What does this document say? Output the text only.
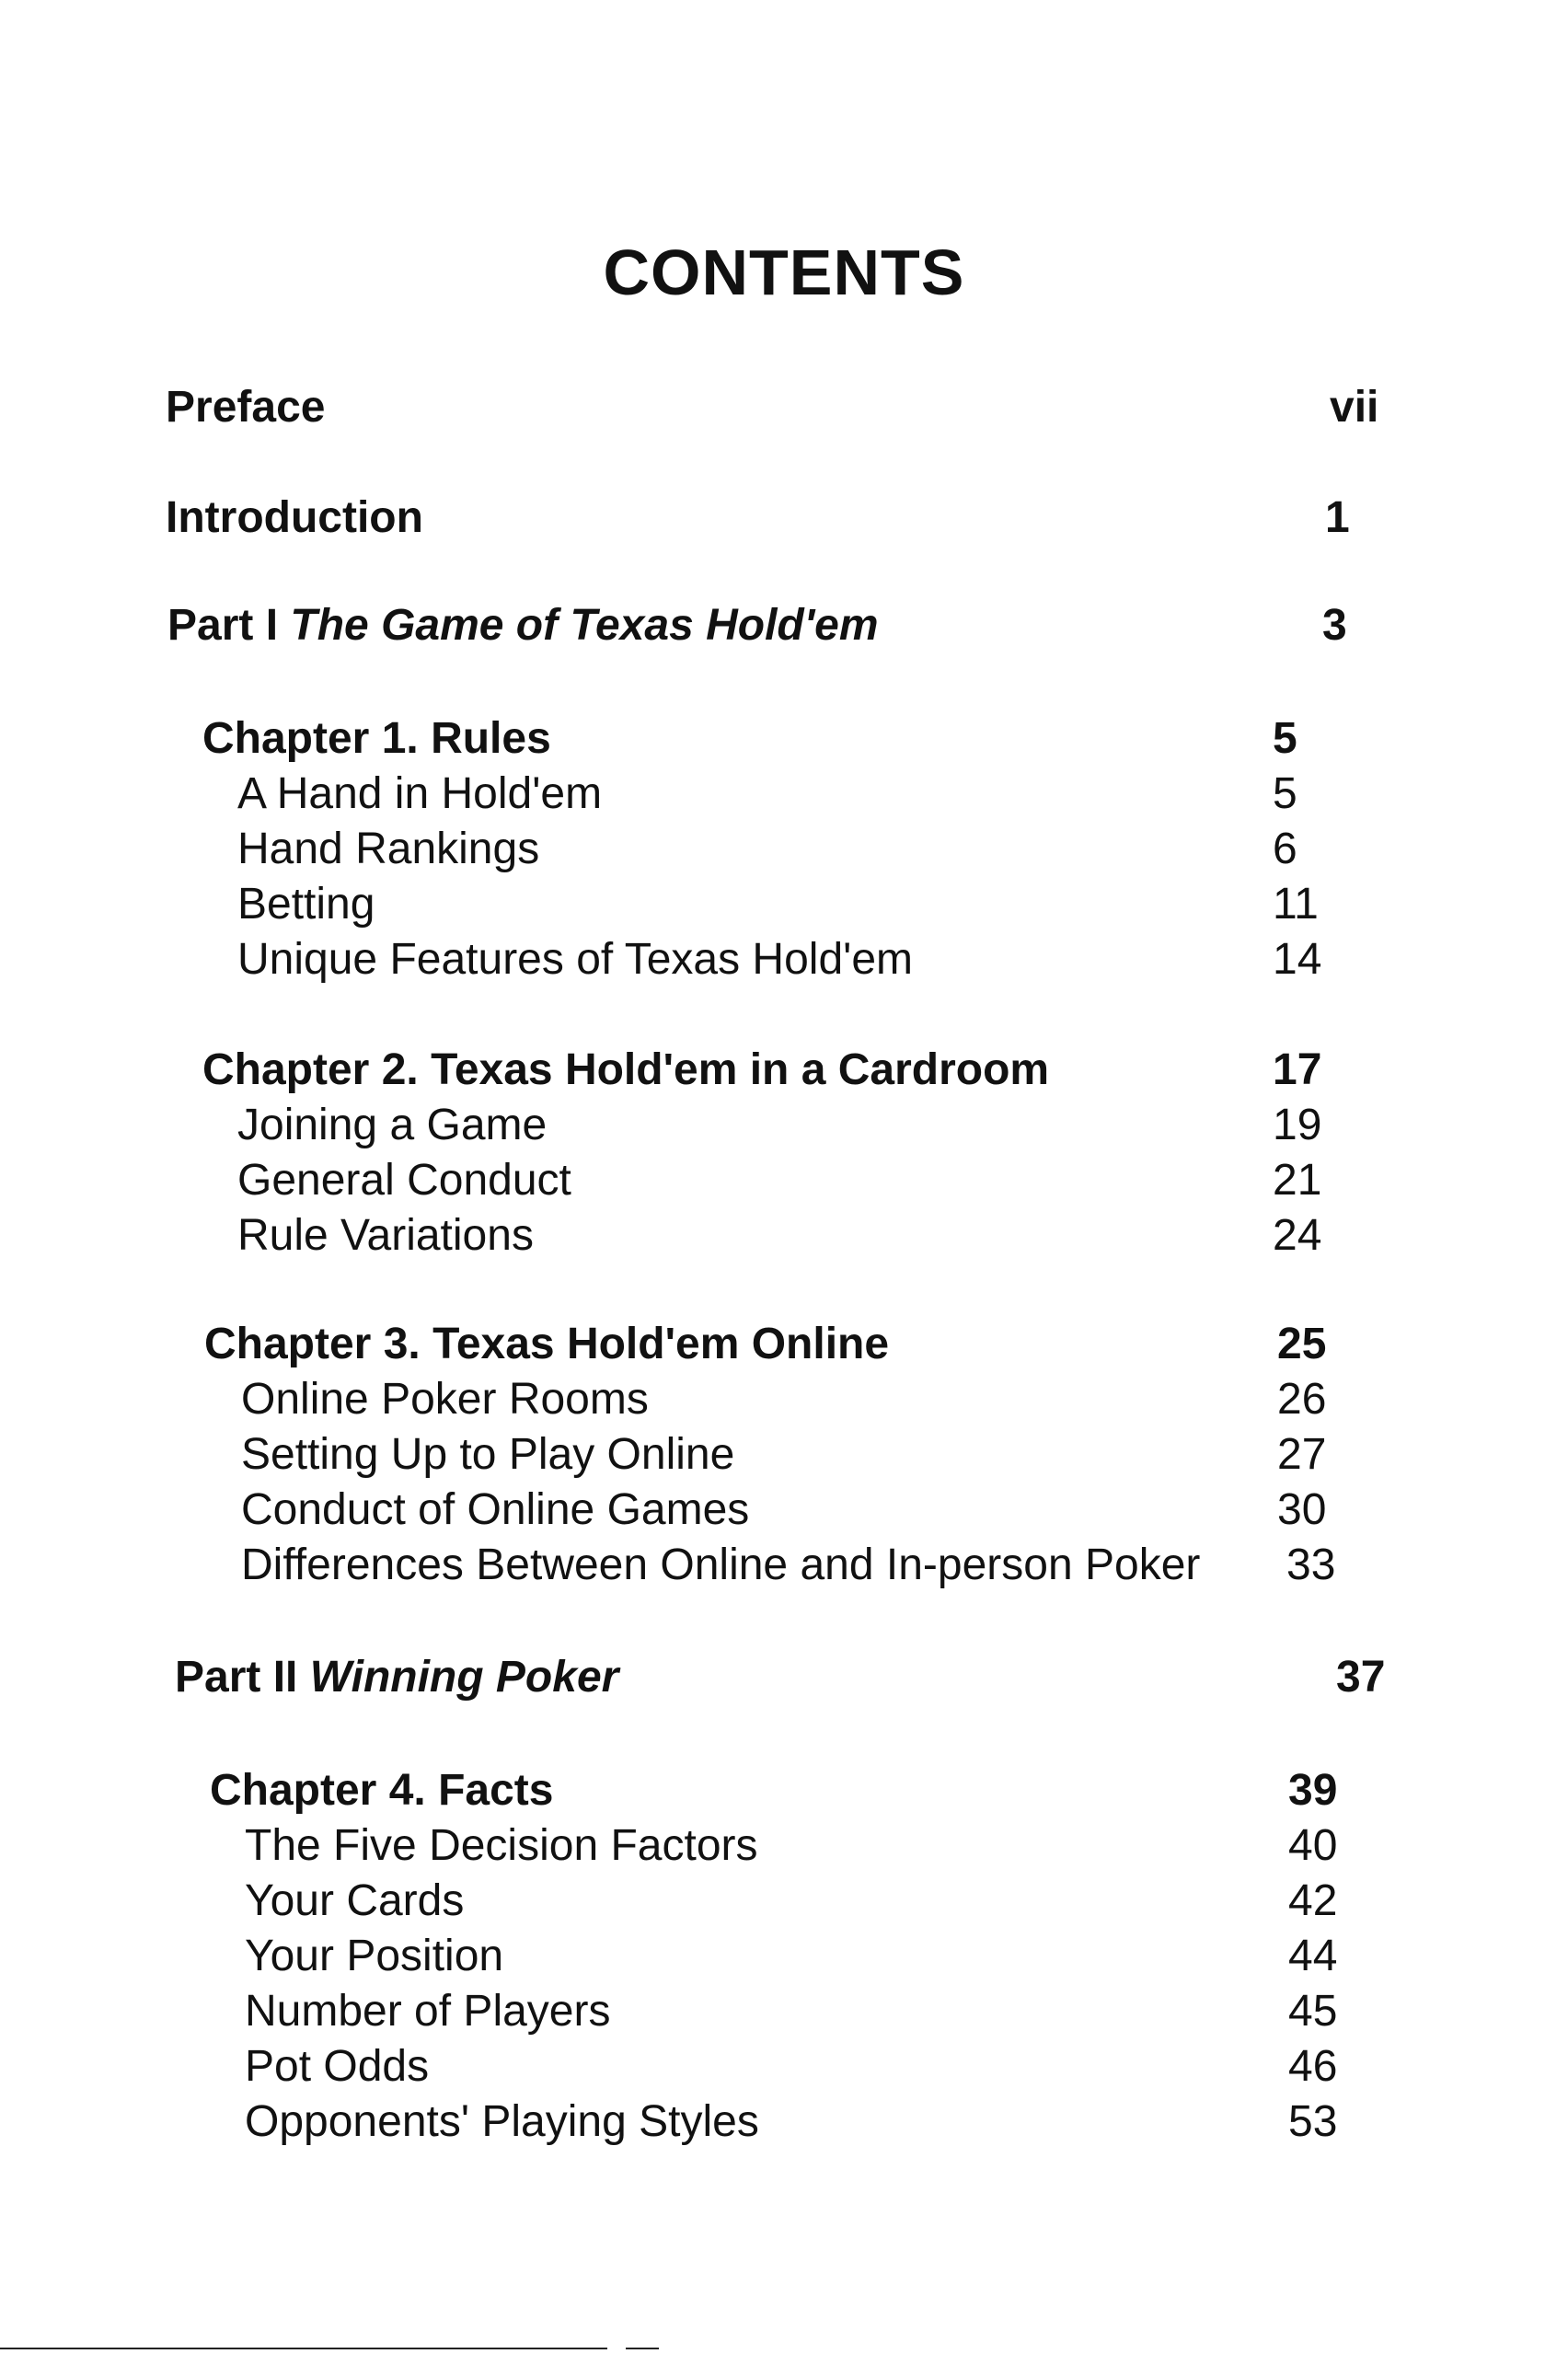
CONTENTS
Preface	vii
Introduction	1
Part I The Game of Texas Hold'em	3
Chapter 1. Rules	5
A Hand in Hold'em	5
Hand Rankings	6
Betting	11
Unique Features of Texas Hold'em	14
Chapter 2. Texas Hold'em in a Cardroom	17
Joining a Game	19
General Conduct	21
Rule Variations	24
Chapter 3. Texas Hold'em Online	25
Online Poker Rooms	26
Setting Up to Play Online	27
Conduct of Online Games	30
Differences Between Online and In-person Poker 33
Part II Winning Poker	37
Chapter 4. Facts	39
The Five Decision Factors	40
Your Cards	42
Your Position	44
Number of Players	45
Pot Odds	46
Opponents' Playing Styles	53
